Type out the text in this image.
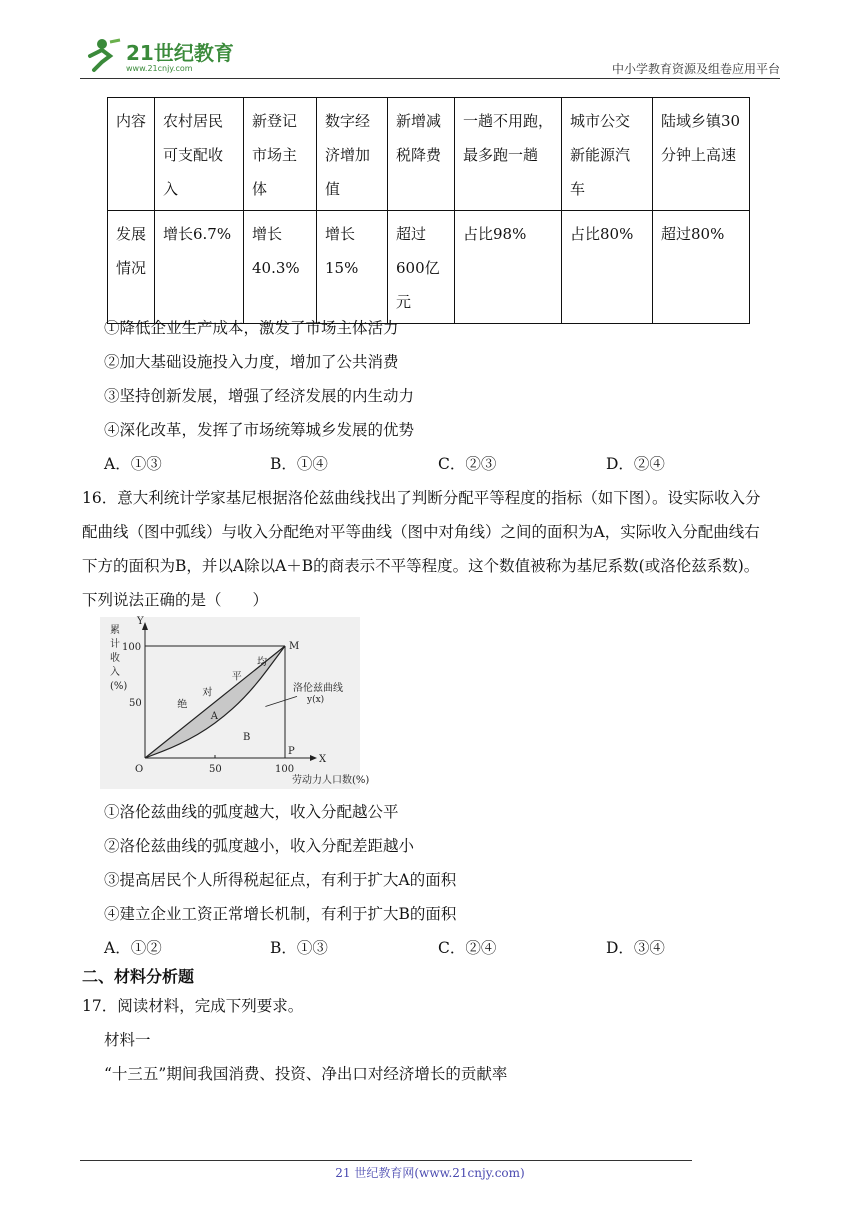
21世纪教育
www.21cnjy.com	中小学教育资源及组卷应用平台
内容	农村居民可支配收入	新登记市场主体	数字经济增加值	新增减税降费	一趟不用跑，最多跑一趟	城市公交新能源汽车	陆域乡镇30分钟上高速
发展情况	增长6.7%	增长40.3%	增长15%	超过600亿元	占比98%	占比80%	超过80%
①降低企业生产成本，激发了市场主体活力
②加大基础设施投入力度，增加了公共消费
③坚持创新发展，增强了经济发展的内生动力
④深化改革，发挥了市场统筹城乡发展的优势
A．①③	B．①④	C．②③	D．②④
16．意大利统计学家基尼根据洛伦兹曲线找出了判断分配平等程度的指标（如下图）。设实际收入分
配曲线（图中弧线）与收入分配绝对平等曲线（图中对角线）之间的面积为A，实际收入分配曲线右
下方的面积为B，并以A除以A＋B的商表示不平等程度。这个数值被称为基尼系数(或洛伦兹系数)。
下列说法正确的是（　　）
Y
X
累
计
收
入
(%)
100
50
50	100
O
M
P
劳动力人口数(%)
绝
对
平
均
A
B
洛伦兹曲线
y(x)
①洛伦兹曲线的弧度越大，收入分配越公平
②洛伦兹曲线的弧度越小，收入分配差距越小
③提高居民个人所得税起征点，有利于扩大A的面积
④建立企业工资正常增长机制，有利于扩大B的面积
A．①②	B．①③	C．②④	D．③④
二、材料分析题
17．阅读材料，完成下列要求。
材料一
“十三五”期间我国消费、投资、净出口对经济增长的贡献率
21 世纪教育网(www.21cnjy.com)
